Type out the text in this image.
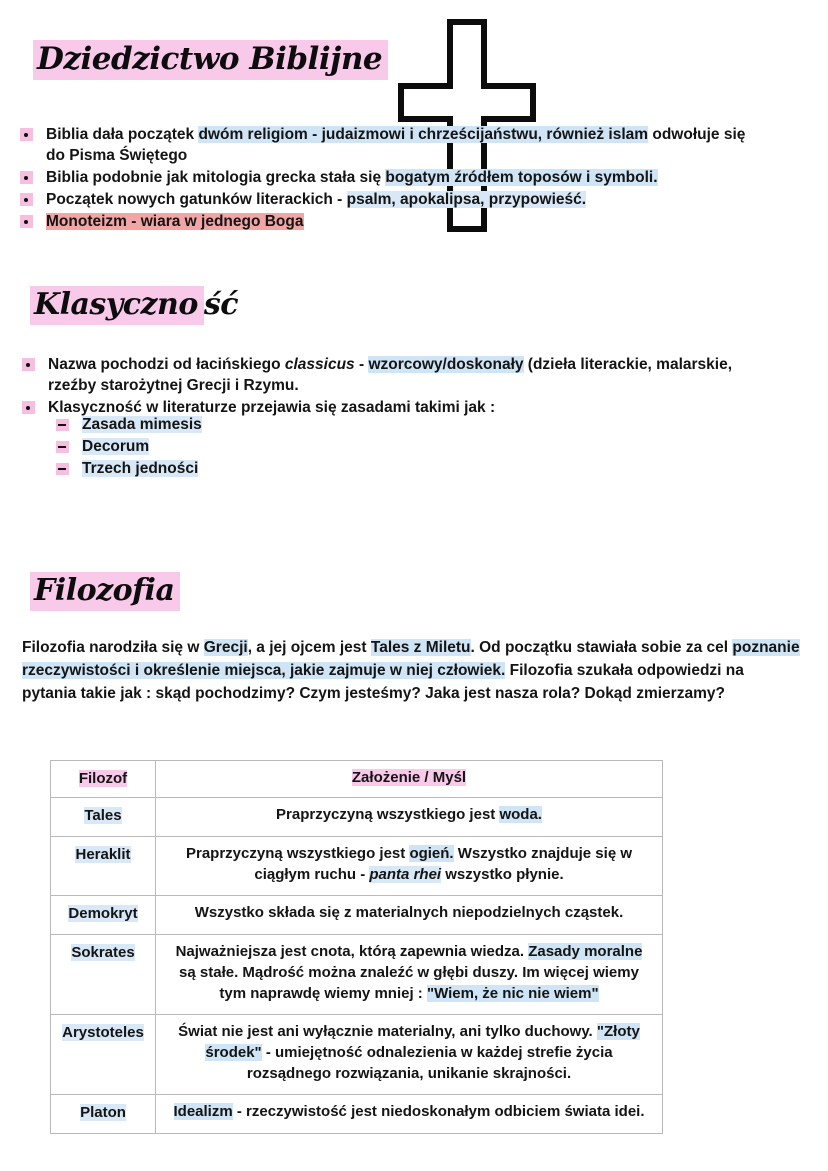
Dziedzictwo Biblijne
Biblia dała początek dwóm religiom - judaizmowi i chrześcijaństwu, również islam odwołuje się do Pisma Świętego
Biblia podobnie jak mitologia grecka stała się bogatym źródłem toposów i symboli.
Początek nowych gatunków literackich - psalm, apokalipsa, przypowieść.
Monoteizm - wiara w jednego Boga
Klasyczno ść
Nazwa pochodzi od łacińskiego classicus - wzorcowy/doskonały (dzieła literackie, malarskie, rzeźby starożytnej Grecji i Rzymu.
Klasyczność w literaturze przejawia się zasadami takimi jak :
Zasada mimesis
Decorum
Trzech jedności
Filozofia
Filozofia narodziła się w Grecji, a jej ojcem jest Tales z Miletu. Od początku stawiała sobie za cel poznanie rzeczywistości i określenie miejsca, jakie zajmuje w niej człowiek. Filozofia szukała odpowiedzi na pytania takie jak : skąd pochodzimy? Czym jesteśmy? Jaka jest nasza rola? Dokąd zmierzamy?
Filozof	Założenie / Myśl
Tales	Praprzyczyną wszystkiego jest woda.
Heraklit	Praprzyczyną wszystkiego jest ogień. Wszystko znajduje się w ciągłym ruchu - panta rhei wszystko płynie.
Demokryt	Wszystko składa się z materialnych niepodzielnych cząstek.
Sokrates	Najważniejsza jest cnota, którą zapewnia wiedza. Zasady moralne są stałe. Mądrość można znaleźć w głębi duszy. Im więcej wiemy tym naprawdę wiemy mniej : "Wiem, że nic nie wiem"
Arystoteles	Świat nie jest ani wyłącznie materialny, ani tylko duchowy. "Złoty środek" - umiejętność odnalezienia w każdej strefie życia rozsądnego rozwiązania, unikanie skrajności.
Platon	Idealizm - rzeczywistość jest niedoskonałym odbiciem świata idei.
